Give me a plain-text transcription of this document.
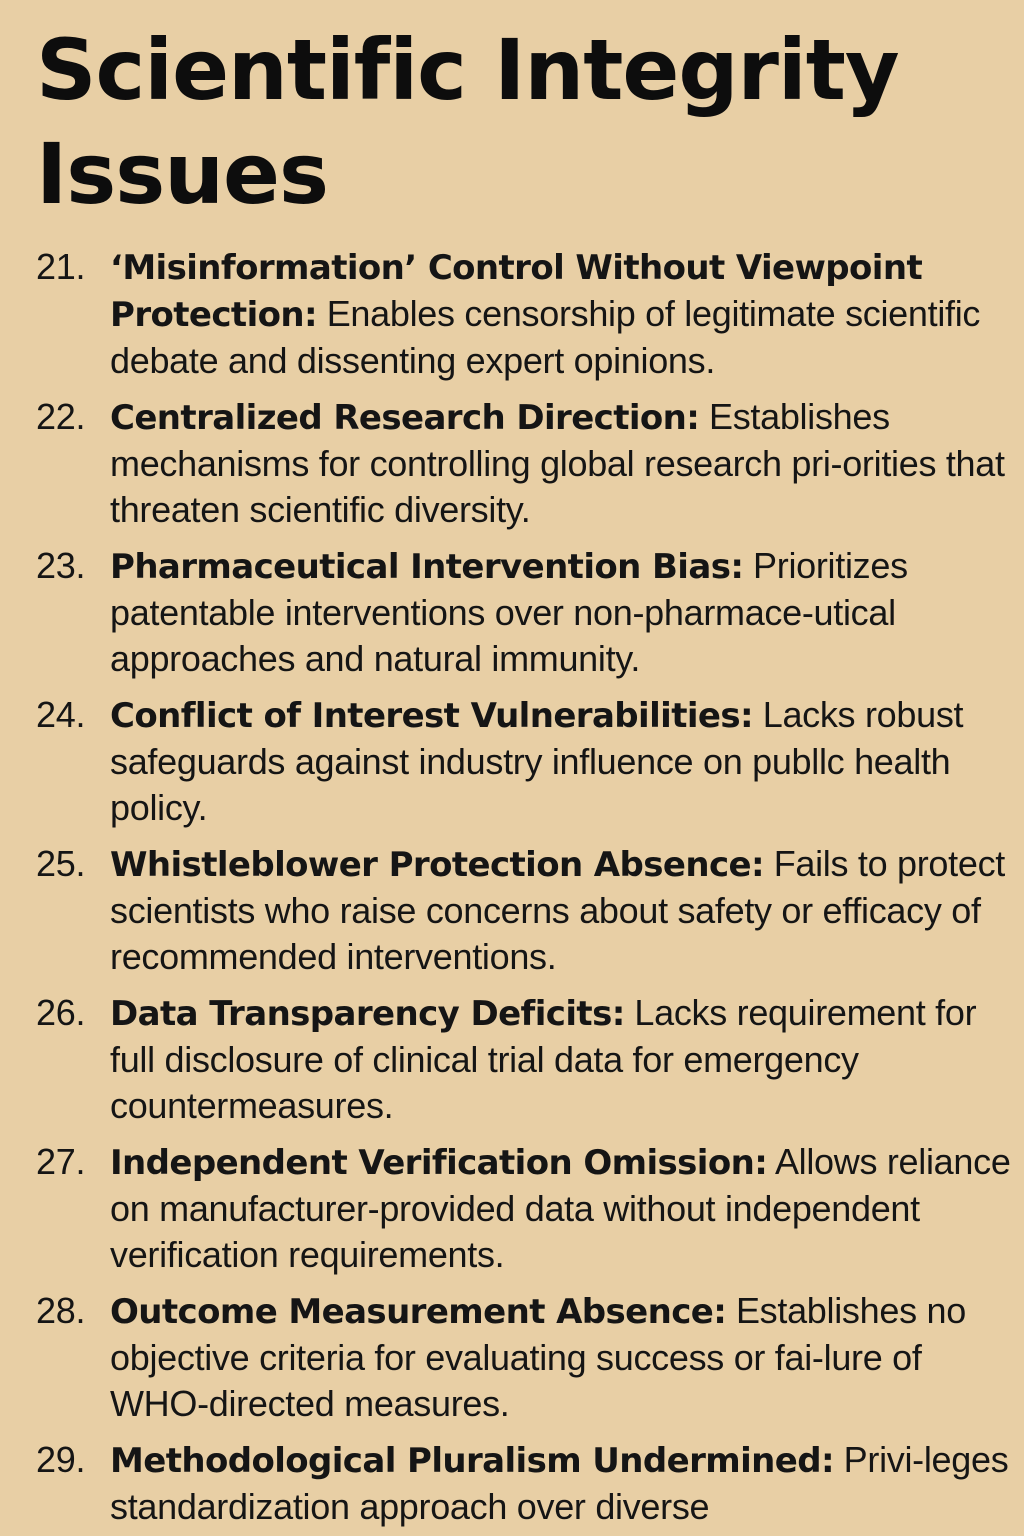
Scientific Integrity Issues
21. ‘Misinformation’ Control Without Viewpoint Protection: Enables censorship of legitimate scientific debate and dissenting expert opinions.
22. Centralized Research Direction: Establishes mechanisms for controlling global research pri-orities that threaten scientific diversity.
23. Pharmaceutical Intervention Bias: Prioritizes patentable interventions over non-pharmace-utical approaches and natural immunity.
24. Conflict of Interest Vulnerabilities: Lacks robust safeguards against industry influence on publlc health policy.
25. Whistleblower Protection Absence: Fails to protect scientists who raise concerns about safety or efficacy of recommended interventions.
26. Data Transparency Deficits: Lacks requirement for full disclosure of clinical trial data for emergency countermeasures.
27. Independent Verification Omission: Allows reliance on manufacturer-provided data without independent verification requirements.
28. Outcome Measurement Absence: Establishes no objective criteria for evaluating success or fai-lure of WHO-directed measures.
29. Methodological Pluralism Undermined: Privi-leges standardization approach over diverse
